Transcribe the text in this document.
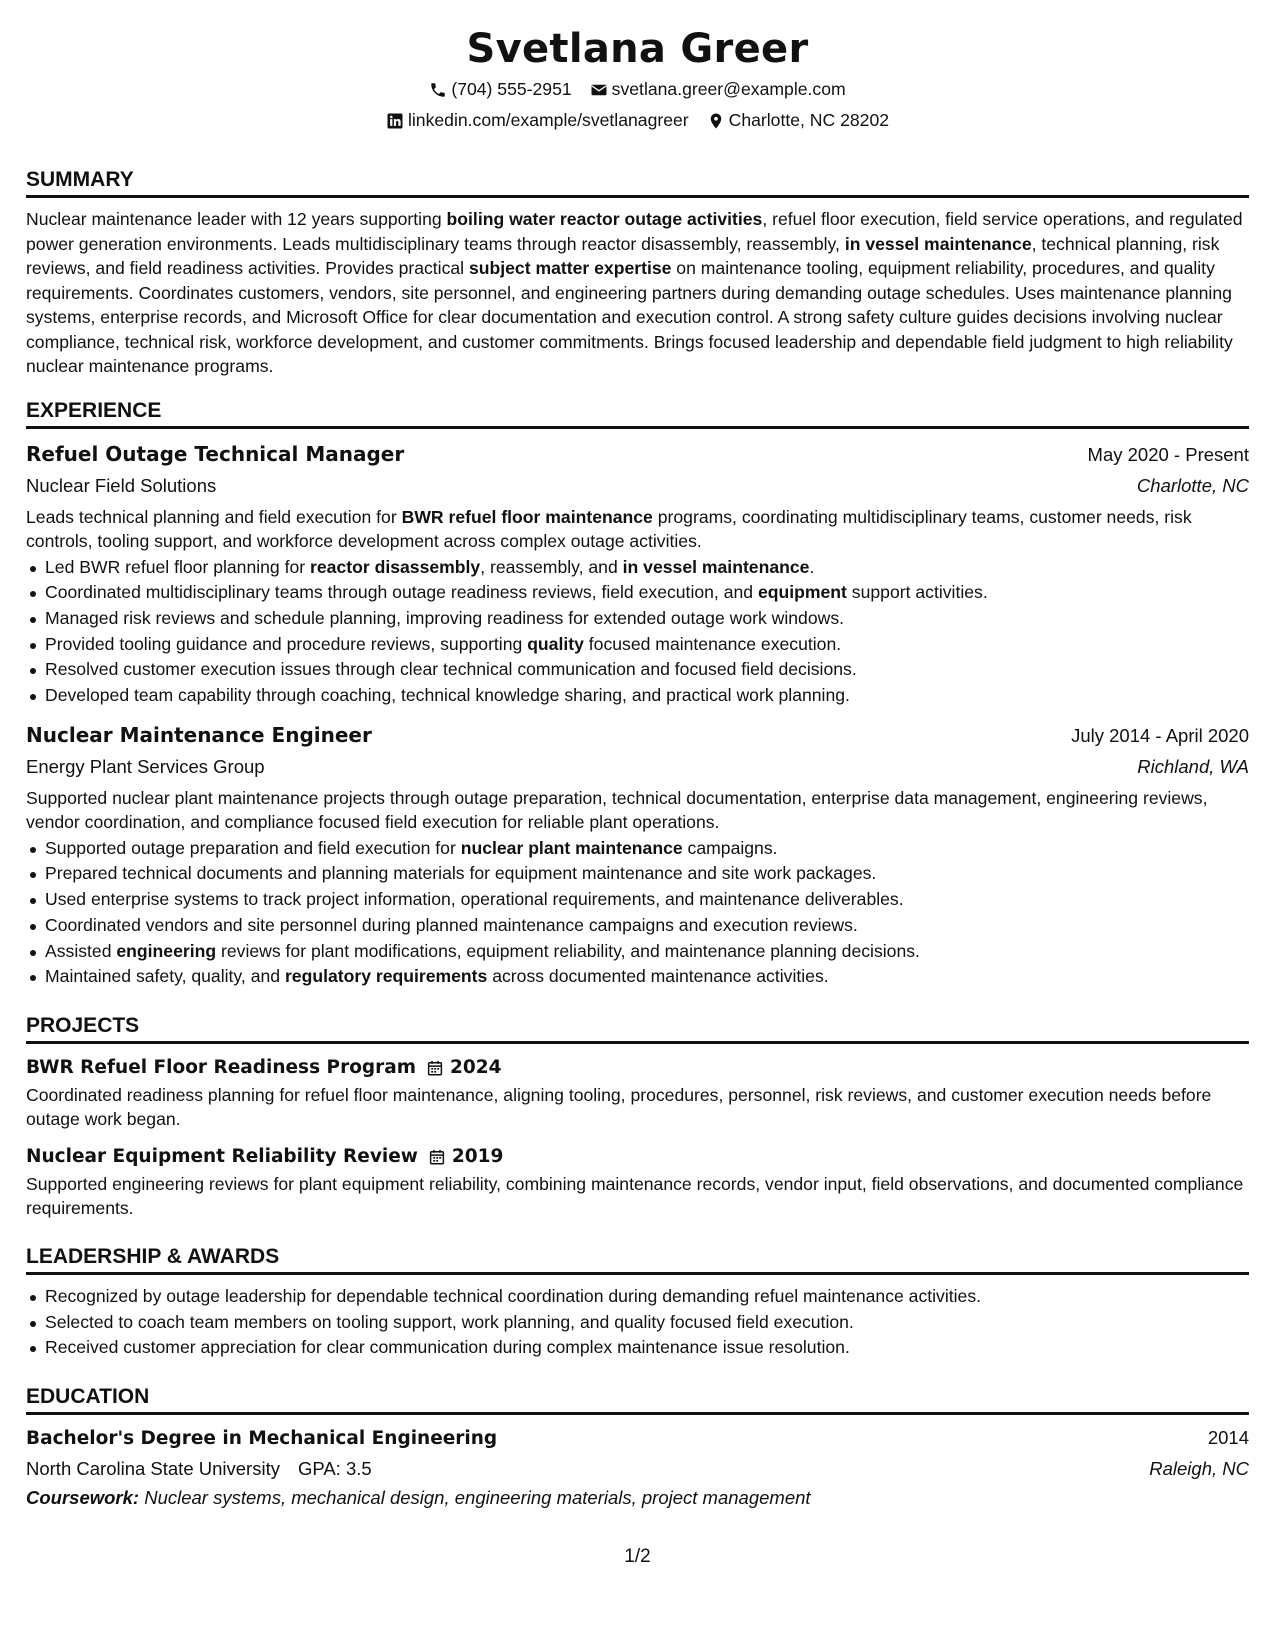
Svetlana Greer
(704) 555-2951 svetlana.greer@example.com
linkedin.com/example/svetlanagreer Charlotte, NC 28202
SUMMARY
Nuclear maintenance leader with 12 years supporting boiling water reactor outage activities, refuel floor execution, field service operations, and regulated power generation environments. Leads multidisciplinary teams through reactor disassembly, reassembly, in vessel maintenance, technical planning, risk reviews, and field readiness activities. Provides practical subject matter expertise on maintenance tooling, equipment reliability, procedures, and quality requirements. Coordinates customers, vendors, site personnel, and engineering partners during demanding outage schedules. Uses maintenance planning systems, enterprise records, and Microsoft Office for clear documentation and execution control. A strong safety culture guides decisions involving nuclear compliance, technical risk, workforce development, and customer commitments. Brings focused leadership and dependable field judgment to high reliability nuclear maintenance programs.
EXPERIENCE
Refuel Outage Technical Manager	May 2020 - Present
Nuclear Field Solutions	Charlotte, NC
Leads technical planning and field execution for BWR refuel floor maintenance programs, coordinating multidisciplinary teams, customer needs, risk controls, tooling support, and workforce development across complex outage activities.
Led BWR refuel floor planning for reactor disassembly, reassembly, and in vessel maintenance.
Coordinated multidisciplinary teams through outage readiness reviews, field execution, and equipment support activities.
Managed risk reviews and schedule planning, improving readiness for extended outage work windows.
Provided tooling guidance and procedure reviews, supporting quality focused maintenance execution.
Resolved customer execution issues through clear technical communication and focused field decisions.
Developed team capability through coaching, technical knowledge sharing, and practical work planning.
Nuclear Maintenance Engineer	July 2014 - April 2020
Energy Plant Services Group	Richland, WA
Supported nuclear plant maintenance projects through outage preparation, technical documentation, enterprise data management, engineering reviews, vendor coordination, and compliance focused field execution for reliable plant operations.
Supported outage preparation and field execution for nuclear plant maintenance campaigns.
Prepared technical documents and planning materials for equipment maintenance and site work packages.
Used enterprise systems to track project information, operational requirements, and maintenance deliverables.
Coordinated vendors and site personnel during planned maintenance campaigns and execution reviews.
Assisted engineering reviews for plant modifications, equipment reliability, and maintenance planning decisions.
Maintained safety, quality, and regulatory requirements across documented maintenance activities.
PROJECTS
BWR Refuel Floor Readiness Program 2024
Coordinated readiness planning for refuel floor maintenance, aligning tooling, procedures, personnel, risk reviews, and customer execution needs before outage work began.
Nuclear Equipment Reliability Review 2019
Supported engineering reviews for plant equipment reliability, combining maintenance records, vendor input, field observations, and documented compliance requirements.
LEADERSHIP & AWARDS
Recognized by outage leadership for dependable technical coordination during demanding refuel maintenance activities.
Selected to coach team members on tooling support, work planning, and quality focused field execution.
Received customer appreciation for clear communication during complex maintenance issue resolution.
EDUCATION
Bachelor's Degree in Mechanical Engineering	2014
North Carolina State University GPA: 3.5	Raleigh, NC
Coursework: Nuclear systems, mechanical design, engineering materials, project management
1/2
